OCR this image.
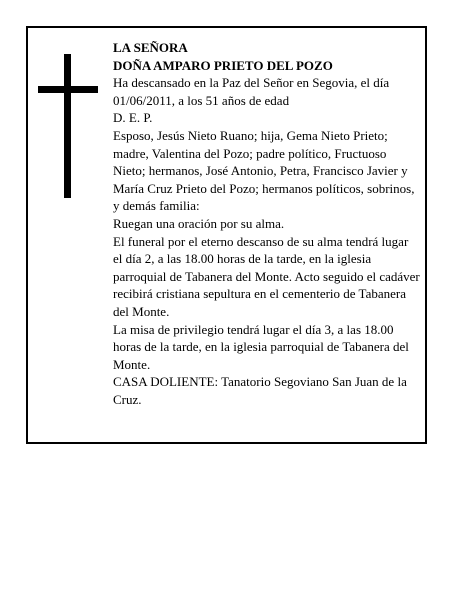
LA SEÑORA

DOÑA AMPARO PRIETO DEL POZO

Ha descansado en la Paz del Señor en Segovia, el día 01/06/2011, a los 51 años de edad

D. E. P.

Esposo, Jesús Nieto Ruano; hija, Gema Nieto Prieto; madre, Valentina del Pozo; padre político, Fructuoso Nieto; hermanos, José Antonio, Petra, Francisco Javier y María Cruz Prieto del Pozo; hermanos políticos, sobrinos, y demás familia:

Ruegan una oración por su alma.

El funeral por el eterno descanso de su alma tendrá lugar el día 2, a las 18.00 horas de la tarde, en la iglesia parroquial de Tabanera del Monte. Acto seguido el cadáver recibirá cristiana sepultura en el cementerio de Tabanera del Monte.

La misa de privilegio tendrá lugar el día 3, a las 18.00 horas de la tarde, en la iglesia parroquial de Tabanera del Monte.

CASA DOLIENTE: Tanatorio Segoviano San Juan de la Cruz.
